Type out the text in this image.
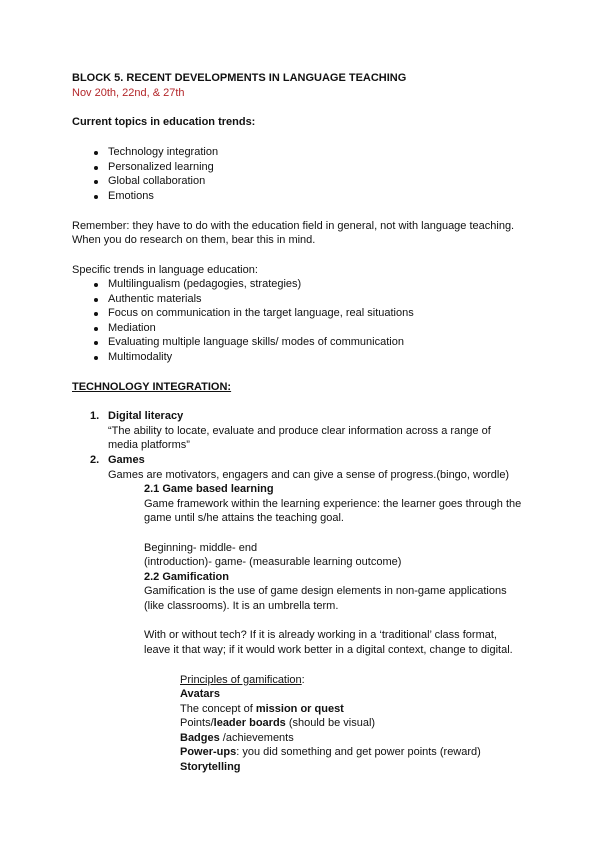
BLOCK 5. RECENT DEVELOPMENTS IN LANGUAGE TEACHING
Nov 20th, 22nd, & 27th
Current topics in education trends:
Technology integration
Personalized learning
Global collaboration
Emotions
Remember: they have to do with the education field in general, not with language teaching.
When you do research on them, bear this in mind.
Specific trends in language education:
Multilingualism (pedagogies, strategies)
Authentic materials
Focus on communication in the target language, real situations
Mediation
Evaluating multiple language skills/ modes of communication
Multimodality
TECHNOLOGY INTEGRATION:
1. Digital literacy
“The ability to locate, evaluate and produce clear information across a range of
media platforms”
2. Games
Games are motivators, engagers and can give a sense of progress.(bingo, wordle)
2.1 Game based learning
Game framework within the learning experience: the learner goes through the
game until s/he attains the teaching goal.
Beginning- middle- end
(introduction)- game- (measurable learning outcome)
2.2 Gamification
Gamification is the use of game design elements in non-game applications
(like classrooms). It is an umbrella term.
With or without tech? If it is already working in a ‘traditional’ class format,
leave it that way; if it would work better in a digital context, change to digital.
Principles of gamification:
Avatars
The concept of mission or quest
Points/leader boards (should be visual)
Badges /achievements
Power-ups: you did something and get power points (reward)
Storytelling
